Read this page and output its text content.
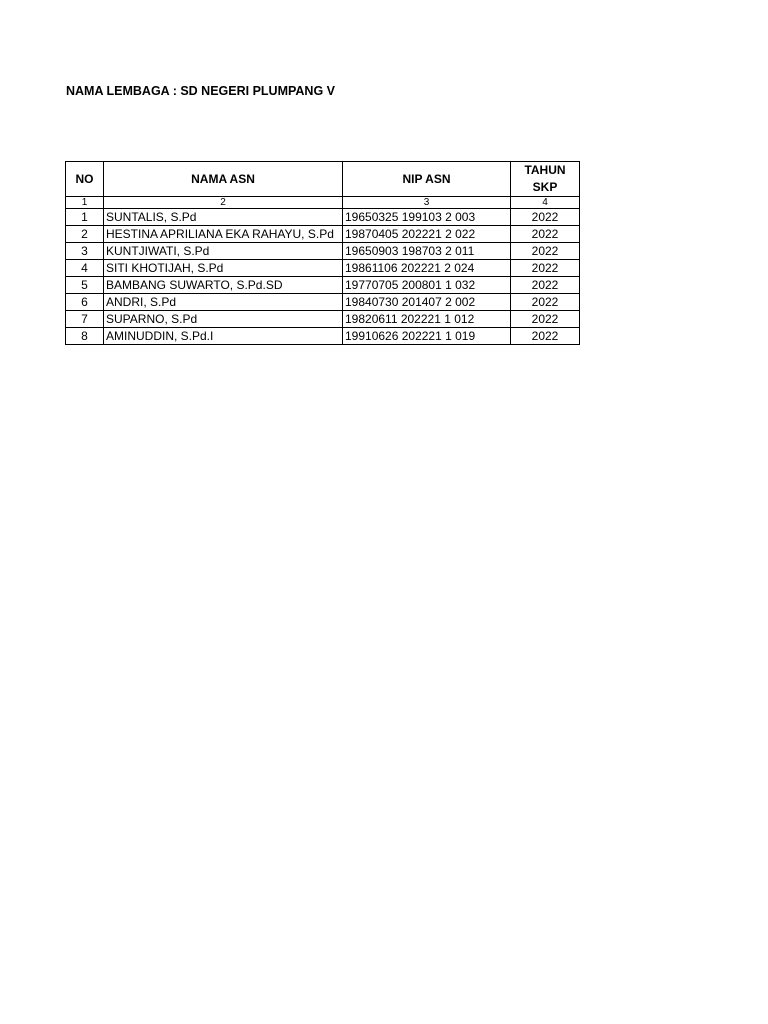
NAMA LEMBAGA : SD NEGERI PLUMPANG V
NO	NAMA ASN	NIP ASN	TAHUN
SKP
1	2	3	4
1	SUNTALIS, S.Pd	19650325 199103 2 003	2022
2	HESTINA APRILIANA EKA RAHAYU, S.Pd	19870405 202221 2 022	2022
3	KUNTJIWATI, S.Pd	19650903 198703 2 011	2022
4	SITI KHOTIJAH, S.Pd	19861106 202221 2 024	2022
5	BAMBANG SUWARTO, S.Pd.SD	19770705 200801 1 032	2022
6	ANDRI, S.Pd	19840730 201407 2 002	2022
7	SUPARNO, S.Pd	19820611 202221 1 012	2022
8	AMINUDDIN, S.Pd.I	19910626 202221 1 019	2022
